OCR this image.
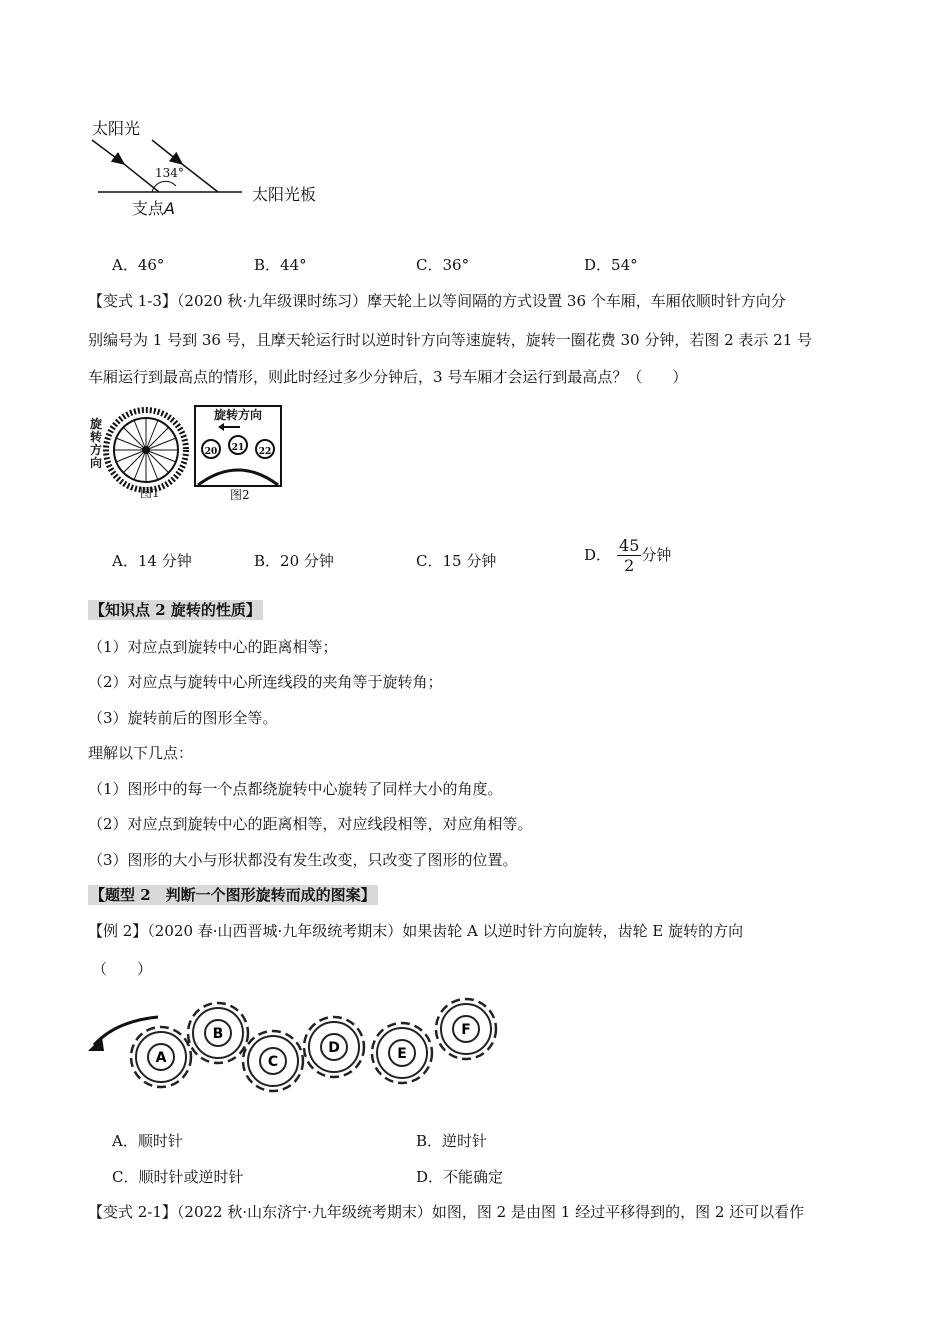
太阳光
134°
太阳光板
支点A
A．46°	B．44°	C．36°	D．54°
【变式 1-3】（2020 秋·九年级课时练习）摩天轮上以等间隔的方式设置 36 个车厢，车厢依顺时针方向分
别编号为 1 号到 36 号，且摩天轮运行时以逆时针方向等速旋转，旋转一圈花费 30 分钟，若图 2 表示 21 号
车厢运行到最高点的情形，则此时经过多少分钟后，3 号车厢才会运行到最高点？（　　）
旋转方向
图1
20 21 22
旋转方向
图2
A．14 分钟	B．20 分钟	C．15 分钟	D． $\frac{45}{2}$ 分钟
【知识点 2 旋转的性质】
（1）对应点到旋转中心的距离相等；
（2）对应点与旋转中心所连线段的夹角等于旋转角；
（3）旋转前后的图形全等。
理解以下几点：
（1）图形中的每一个点都绕旋转中心旋转了同样大小的角度。
（2）对应点到旋转中心的距离相等，对应线段相等，对应角相等。
（3）图形的大小与形状都没有发生改变，只改变了图形的位置。
【题型 2　判断一个图形旋转而成的图案】
【例 2】（2020 春·山西晋城·九年级统考期末）如果齿轮 A 以逆时针方向旋转，齿轮 E 旋转的方向
（　　）
A
B
C
D	E
F
A．顺时针	B．逆时针
C．顺时针或逆时针	D．不能确定
【变式 2-1】（2022 秋·山东济宁·九年级统考期末）如图，图 2 是由图 1 经过平移得到的，图 2 还可以看作
